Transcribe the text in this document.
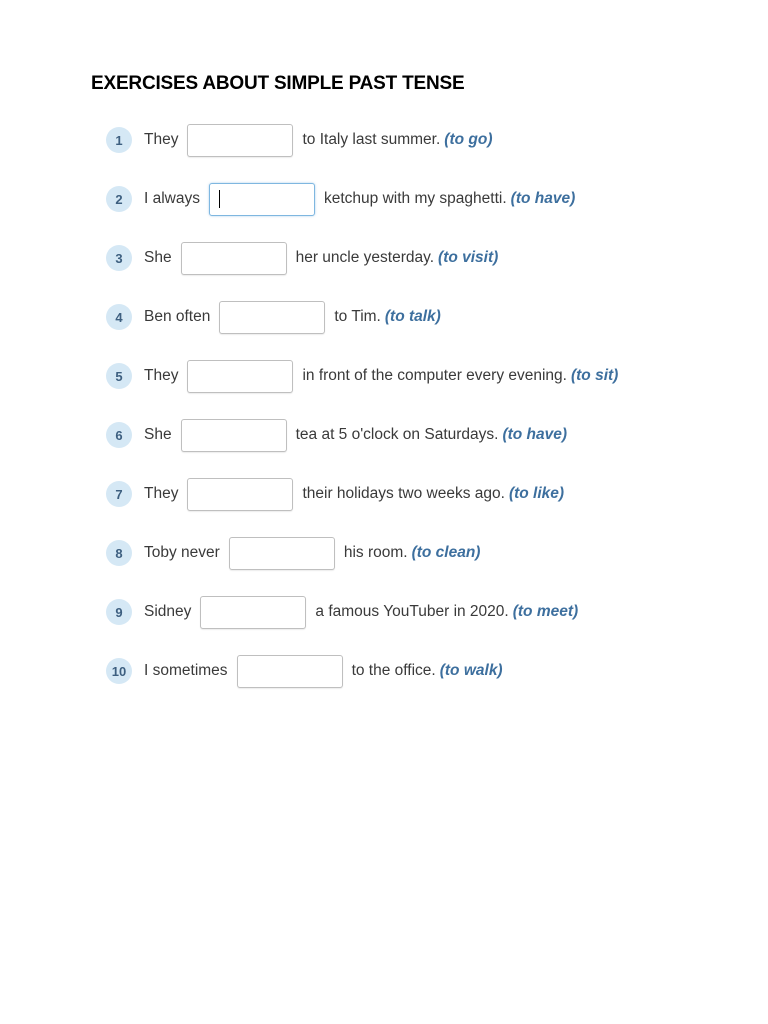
EXERCISES ABOUT SIMPLE PAST TENSE
1	They	to Italy last summer. (to go)
2	I always	ketchup with my spaghetti. (to have)
3	She	her uncle yesterday. (to visit)
4	Ben often	to Tim. (to talk)
5	They	in front of the computer every evening. (to sit)
6	She	tea at 5 o'clock on Saturdays. (to have)
7	They	their holidays two weeks ago. (to like)
8	Toby never	his room. (to clean)
9	Sidney	a famous YouTuber in 2020. (to meet)
10	I sometimes	to the office. (to walk)
